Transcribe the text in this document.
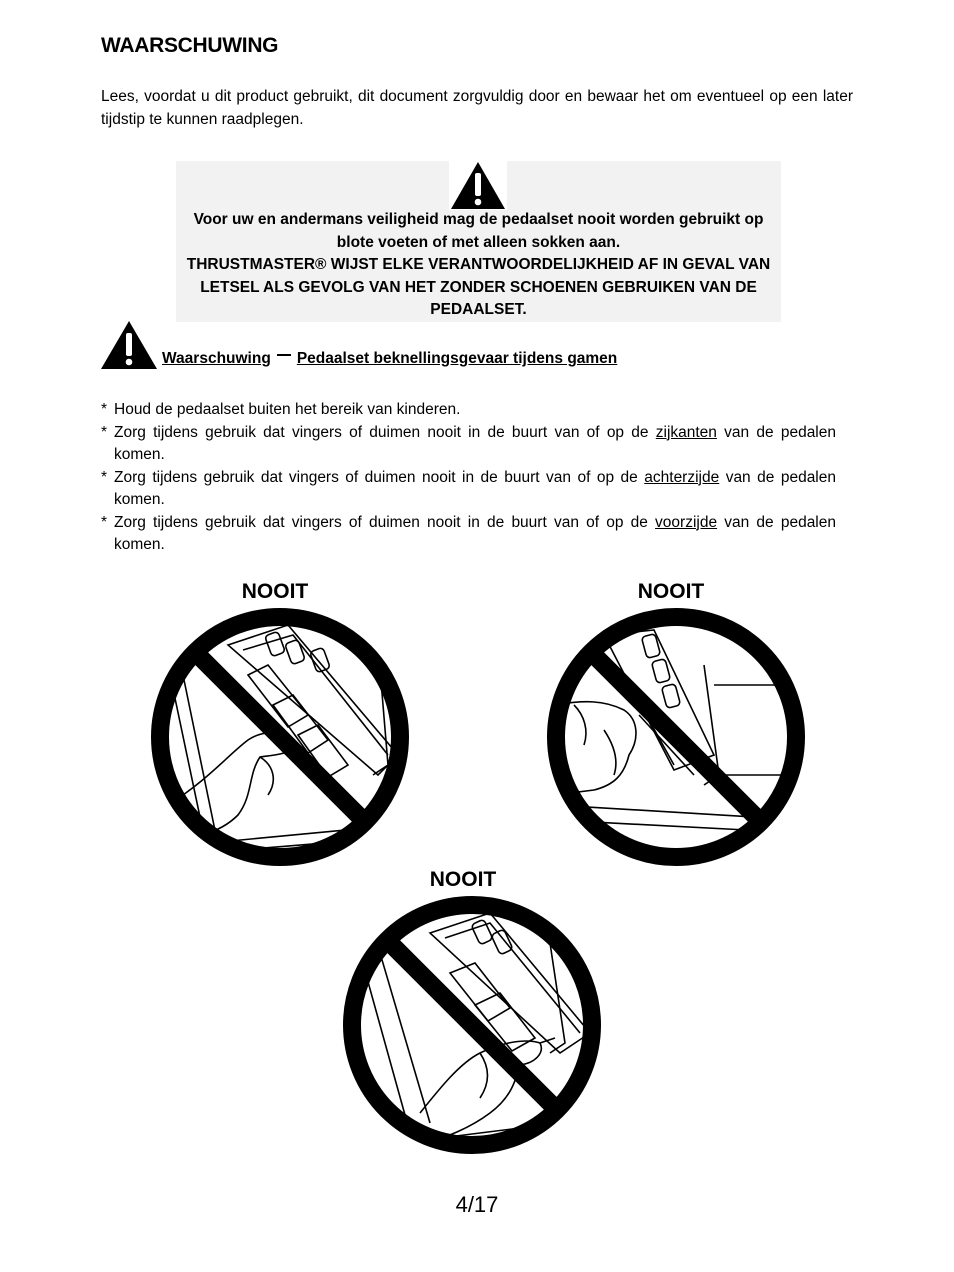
WAARSCHUWING
Lees, voordat u dit product gebruikt, dit document zorgvuldig door en bewaar het om eventueel op een later tijdstip te kunnen raadplegen.
Voor uw en andermans veiligheid mag de pedaalset nooit worden gebruikt op blote voeten of met alleen sokken aan.
THRUSTMASTER® WIJST ELKE VERANTWOORDELIJKHEID AF IN GEVAL VAN LETSEL ALS GEVOLG VAN HET ZONDER SCHOENEN GEBRUIKEN VAN DE PEDAALSET.
Waarschuwing Pedaalset beknellingsgevaar tijdens gamen
* Houd de pedaalset buiten het bereik van kinderen.
* Zorg tijdens gebruik dat vingers of duimen nooit in de buurt van of op de zijkanten van de pedalen komen.
* Zorg tijdens gebruik dat vingers of duimen nooit in de buurt van of op de achterzijde van de pedalen komen.
* Zorg tijdens gebruik dat vingers of duimen nooit in de buurt van of op de voorzijde van de pedalen komen.
NOOIT	NOOIT
NOOIT
4/17
